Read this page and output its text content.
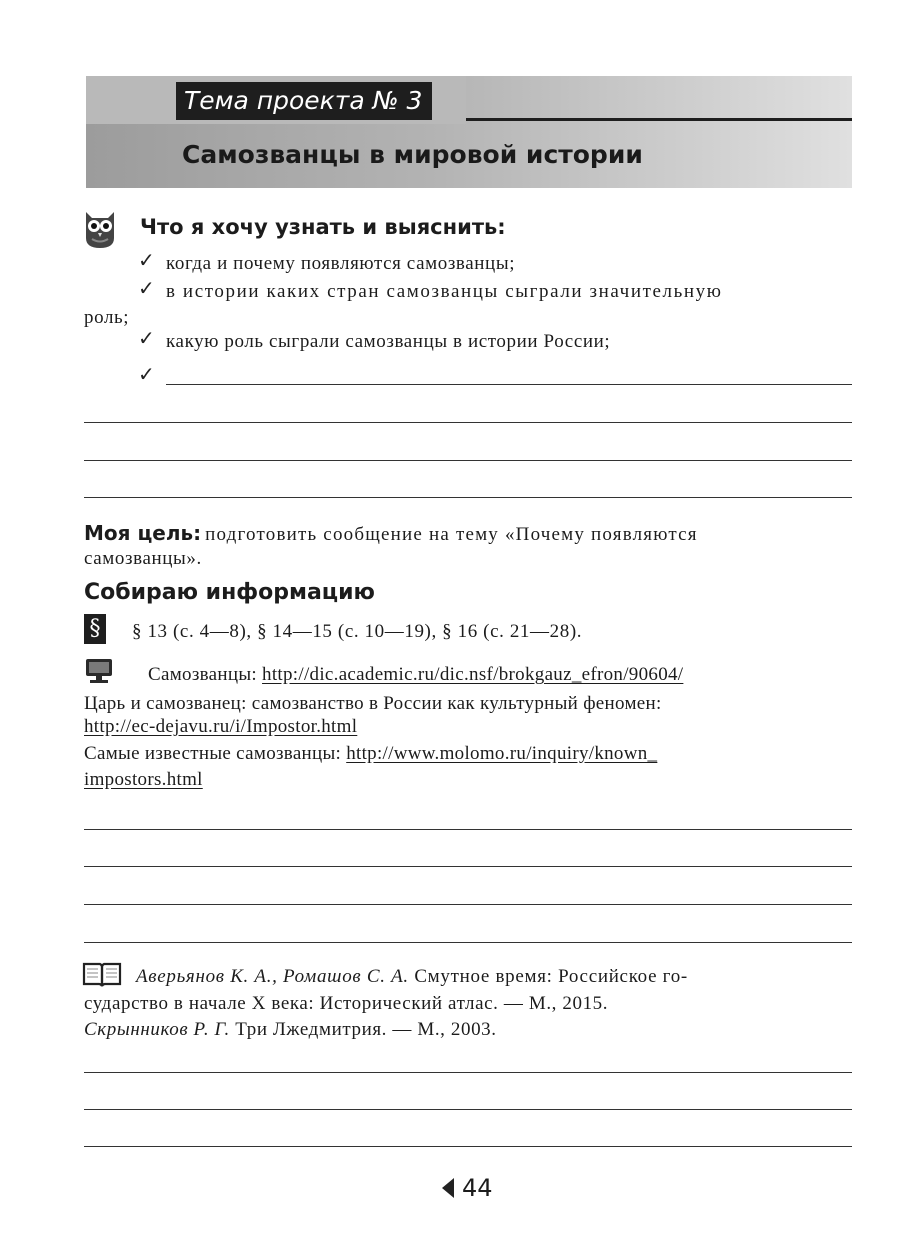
Тема проекта № 3
Самозванцы в мировой истории
Что я хочу узнать и выяснить:
✓ когда и почему появляются самозванцы;
✓ в истории каких стран самозванцы сыграли значительную
роль;
✓ какую роль сыграли самозванцы в истории России;
✓
Моя цель: подготовить сообщение на тему «Почему появляются
самозванцы».
Собираю информацию
§ § 13 (с. 4—8), § 14—15 (с. 10—19), § 16 (с. 21—28).
Самозванцы: http://dic.academic.ru/dic.nsf/brokgauz_efron/90604/
Царь и самозванец: самозванство в России как культурный феномен:
http://ec-dejavu.ru/i/Impostor.html
Самые известные самозванцы: http://www.molomo.ru/inquiry/known_
impostors.html
Аверьянов К. А., Ромашов С. А. Смутное время: Российское го-
сударство в начале X века: Исторический атлас. — М., 2015.
Скрынников Р. Г. Три Лжедмитрия. — М., 2003.
44
